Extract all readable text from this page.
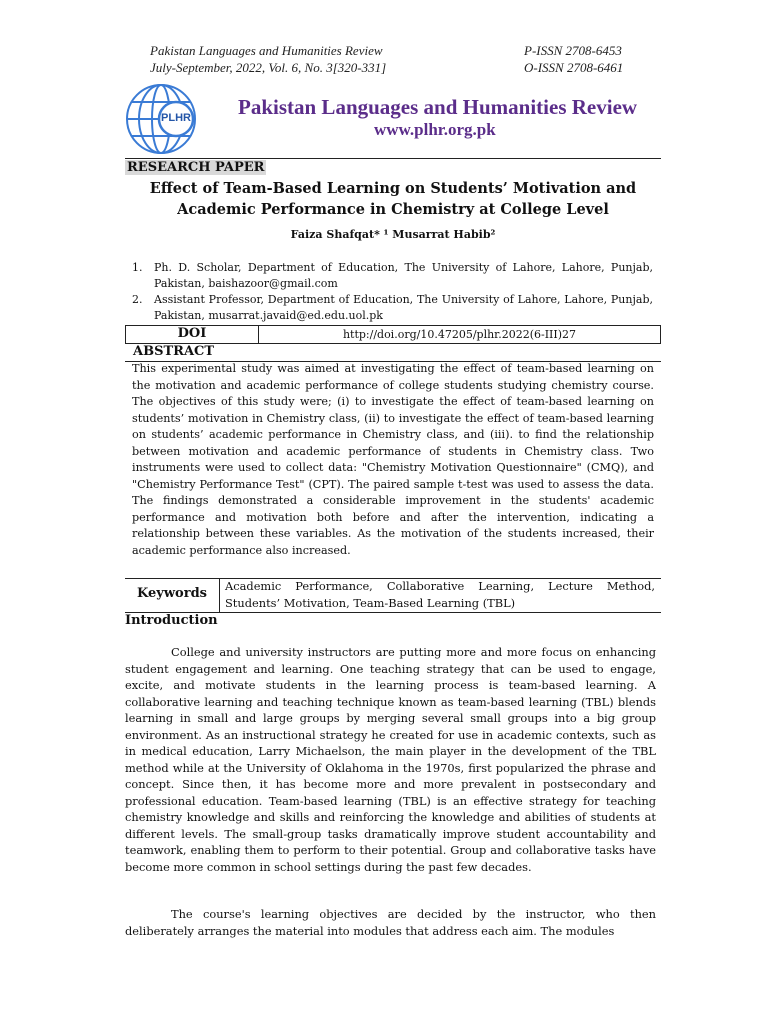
Pakistan Languages and Humanities Review
July-September, 2022, Vol. 6, No. 3[320-331]
P-ISSN 2708-6453
O-ISSN 2708-6461
PLHR Pakistan Languages and Humanities Review
www.plhr.org.pk
RESEARCH PAPER
Effect of Team-Based Learning on Students’ Motivation and
Academic Performance in Chemistry at College Level
Faiza Shafqat* ¹ Musarrat Habib²
1. Ph. D. Scholar, Department of Education, The University of Lahore, Lahore, Punjab, Pakistan, baishazoor@gmail.com
2. Assistant Professor, Department of Education, The University of Lahore, Lahore, Punjab, Pakistan, musarrat.javaid@ed.edu.uol.pk
DOI	http://doi.org/10.47205/plhr.2022(6-III)27
ABSTRACT
This experimental study was aimed at investigating the effect of team-based learning on the motivation and academic performance of college students studying chemistry course. The objectives of this study were; (i) to investigate the effect of team-based learning on students’ motivation in Chemistry class, (ii) to investigate the effect of team-based learning on students’ academic performance in Chemistry class, and (iii). to find the relationship between motivation and academic performance of students in Chemistry class. Two instruments were used to collect data: "Chemistry Motivation Questionnaire" (CMQ), and "Chemistry Performance Test" (CPT). The paired sample t-test was used to assess the data. The findings demonstrated a considerable improvement in the students' academic performance and motivation both before and after the intervention, indicating a relationship between these variables. As the motivation of the students increased, their academic performance also increased.
Keywords	Academic Performance, Collaborative Learning, Lecture Method, Students’ Motivation, Team-Based Learning (TBL)
Introduction

College and university instructors are putting more and more focus on enhancing student engagement and learning. One teaching strategy that can be used to engage, excite, and motivate students in the learning process is team-based learning. A collaborative learning and teaching technique known as team-based learning (TBL) blends learning in small and large groups by merging several small groups into a big group environment. As an instructional strategy he created for use in academic contexts, such as in medical education, Larry Michaelson, the main player in the development of the TBL method while at the University of Oklahoma in the 1970s, first popularized the phrase and concept. Since then, it has become more and more prevalent in postsecondary and professional education. Team-based learning (TBL) is an effective strategy for teaching chemistry knowledge and skills and reinforcing the knowledge and abilities of students at different levels. The small-group tasks dramatically improve student accountability and teamwork, enabling them to perform to their potential. Group and collaborative tasks have become more common in school settings during the past few decades.

The course's learning objectives are decided by the instructor, who then deliberately arranges the material into modules that address each aim. The modules
